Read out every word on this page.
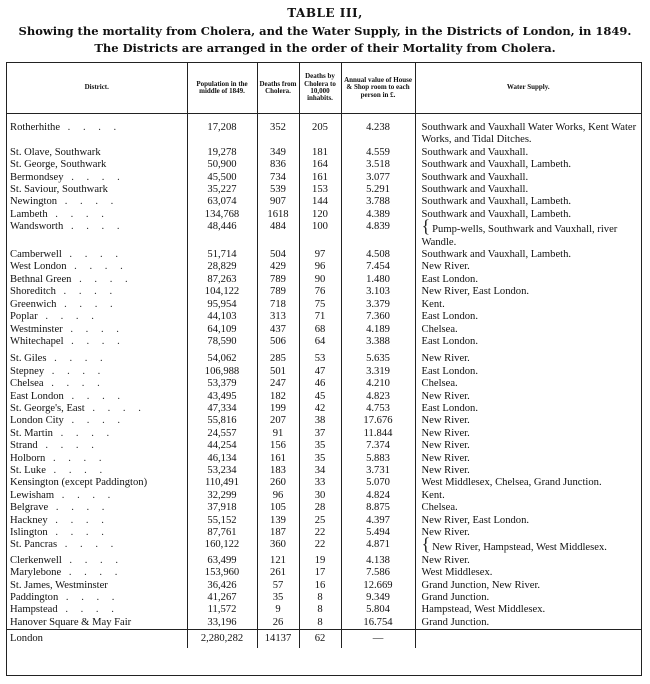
TABLE III,
Showing the mortality from Cholera, and the Water Supply, in the Districts of London, in 1849.
The Districts are arranged in the order of their Mortality from Cholera.
District.	Population in the middle of 1849.	Deaths from Cholera.	Deaths by Cholera to 10,000 inhabits.	Annual value of House & Shop room to each person in £.	Water Supply.
Rotherhithe . . . .	17,208	352	205	4.238	Southwark and Vauxhall Water Works, Kent Water Works, and Tidal Ditches.
St. Olave, Southwark	19,278	349	181	4.559	Southwark and Vauxhall.
St. George, Southwark	50,900	836	164	3.518	Southwark and Vauxhall, Lambeth.
Bermondsey . . . .	45,500	734	161	3.077	Southwark and Vauxhall.
St. Saviour, Southwark	35,227	539	153	5.291	Southwark and Vauxhall.
Newington . . . .	63,074	907	144	3.788	Southwark and Vauxhall, Lambeth.
Lambeth . . . .	134,768	1618	120	4.389	Southwark and Vauxhall, Lambeth.
Wandsworth . . . .	48,446	484	100	4.839	{ Pump-wells, Southwark and Vauxhall, river Wandle.
Camberwell . . . .	51,714	504	97	4.508	Southwark and Vauxhall, Lambeth.
West London . . . .	28,829	429	96	7.454	New River.
Bethnal Green . . . .	87,263	789	90	1.480	East London.
Shoreditch . . . .	104,122	789	76	3.103	New River, East London.
Greenwich . . . .	95,954	718	75	3.379	Kent.
Poplar . . . .	44,103	313	71	7.360	East London.
Westminster . . . .	64,109	437	68	4.189	Chelsea.
Whitechapel . . . .	78,590	506	64	3.388	East London.
St. Giles . . . .	54,062	285	53	5.635	New River.
Stepney . . . .	106,988	501	47	3.319	East London.
Chelsea . . . .	53,379	247	46	4.210	Chelsea.
East London . . . .	43,495	182	45	4.823	New River.
St. George's, East . . . .	47,334	199	42	4.753	East London.
London City . . . .	55,816	207	38	17.676	New River.
St. Martin . . . .	24,557	91	37	11.844	New River.
Strand . . . .	44,254	156	35	7.374	New River.
Holborn . . . .	46,134	161	35	5.883	New River.
St. Luke . . . .	53,234	183	34	3.731	New River.
Kensington (except Paddington)	110,491	260	33	5.070	West Middlesex, Chelsea, Grand Junction.
Lewisham . . . .	32,299	96	30	4.824	Kent.
Belgrave . . . .	37,918	105	28	8.875	Chelsea.
Hackney . . . .	55,152	139	25	4.397	New River, East London.
Islington . . . .	87,761	187	22	5.494	New River.
St. Pancras . . . .	160,122	360	22	4.871	{ New River, Hampstead, West Middlesex.
Clerkenwell . . . .	63,499	121	19	4.138	New River.
Marylebone . . . .	153,960	261	17	7.586	West Middlesex.
St. James, Westminster	36,426	57	16	12.669	Grand Junction, New River.
Paddington . . . .	41,267	35	8	9.349	Grand Junction.
Hampstead . . . .	11,572	9	8	5.804	Hampstead, West Middlesex.
Hanover Square & May Fair	33,196	26	8	16.754	Grand Junction.
London	2,280,282	14137	62	—	
